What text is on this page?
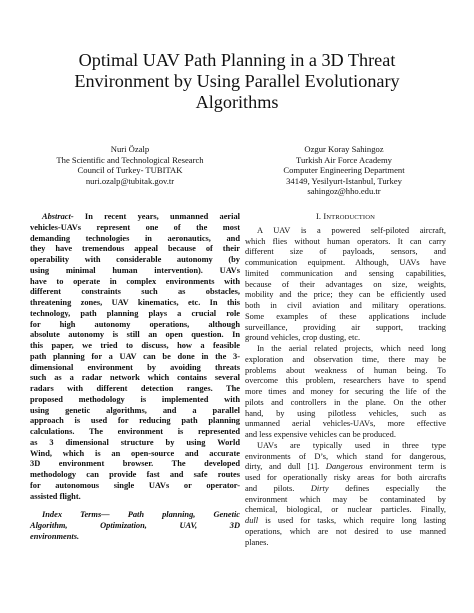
Optimal UAV Path Planning in a 3D Threat
Environment by Using Parallel Evolutionary
Algorithms
Nuri Özalp
The Scientific and Technological Research
Council of Turkey- TUBITAK
nuri.ozalp@tubitak.gov.tr
Ozgur Koray Sahingoz
Turkish Air Force Academy
Computer Engineering Department
34149, Yesilyurt-Istanbul, Turkey
sahingoz@hho.edu.tr
Abstract- In recent years, unmanned aerial
vehicles-UAVs represent one of the most
demanding technologies in aeronautics, and
they have tremendous appeal because of their
operability with considerable autonomy (by
using minimal human intervention). UAVs
have to operate in complex environments with
different constraints such as obstacles,
threatening zones, UAV kinematics, etc. In this
technology, path planning plays a crucial role
for high autonomy operations, although
absolute autonomy is still an open question. In
this paper, we tried to discuss, how a feasible
path planning for a UAV can be done in the 3-
dimensional environment by avoiding threats
such as a radar network which contains several
radars with different detection ranges. The
proposed methodology is implemented with
using genetic algorithms, and a parallel
approach is used for reducing path planning
calculations. The environment is represented
as 3 dimensional structure by using World
Wind, which is an open-source and accurate
3D environment browser. The developed
methodology can provide fast and safe routes
for autonomous single UAVs or operator-
assisted flight.
Index Terms— Path planning, Genetic
Algorithm, Optimization, UAV, 3D
environments.
I. INTRODUCTION
A UAV is a powered self-piloted aircraft,
which flies without human operators. It can carry
different size of payloads, sensors, and
communication equipment. Although, UAVs have
limited communication and sensing capabilities,
because of their advantages on size, weights,
mobility and the price; they can be efficiently used
both in civil aviation and military operations.
Some examples of these applications include
surveillance, providing air support, tracking
ground vehicles, crop dusting, etc.
In the aerial related projects, which need long
exploration and observation time, there may be
problems about weakness of human being. To
overcome this problem, researchers have to spend
more times and money for securing the life of the
pilots and controllers in the plane. On the other
hand, by using pilotless vehicles, such as
unmanned aerial vehicles-UAVs, more effective
and less expensive vehicles can be produced.
UAVs are typically used in three type
environments of D’s, which stand for dangerous,
dirty, and dull [1]. Dangerous environment term is
used for operationally risky areas for both aircrafts
and pilots. Dirty defines especially the
environment which may be contaminated by
chemical, biological, or nuclear particles. Finally,
dull is used for tasks, which require long lasting
operations, which are not desired to use manned
planes.
